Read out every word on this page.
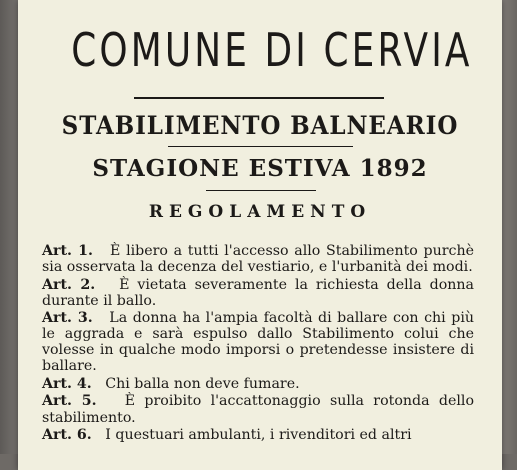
COMUNE DI CERVIA
STABILIMENTO BALNEARIO
STAGIONE ESTIVA 1892
REGOLAMENTO

Art. 1. È libero a tutti l'accesso allo Stabilimento purchè sia osservata la decenza del vestiario, e l'urbanità dei modi.

Art. 2. È vietata severamente la richiesta della donna durante il ballo.

Art. 3. La donna ha l'ampia facoltà di ballare con chi più le aggrada e sarà espulso dallo Stabilimento colui che volesse in qualche modo imporsi o pretendesse insistere di ballare.

Art. 4. Chi balla non deve fumare.

Art. 5. È proibito l'accattonaggio sulla rotonda dello stabilimento.

Art. 6. I questuari ambulanti, i rivenditori ed altri
